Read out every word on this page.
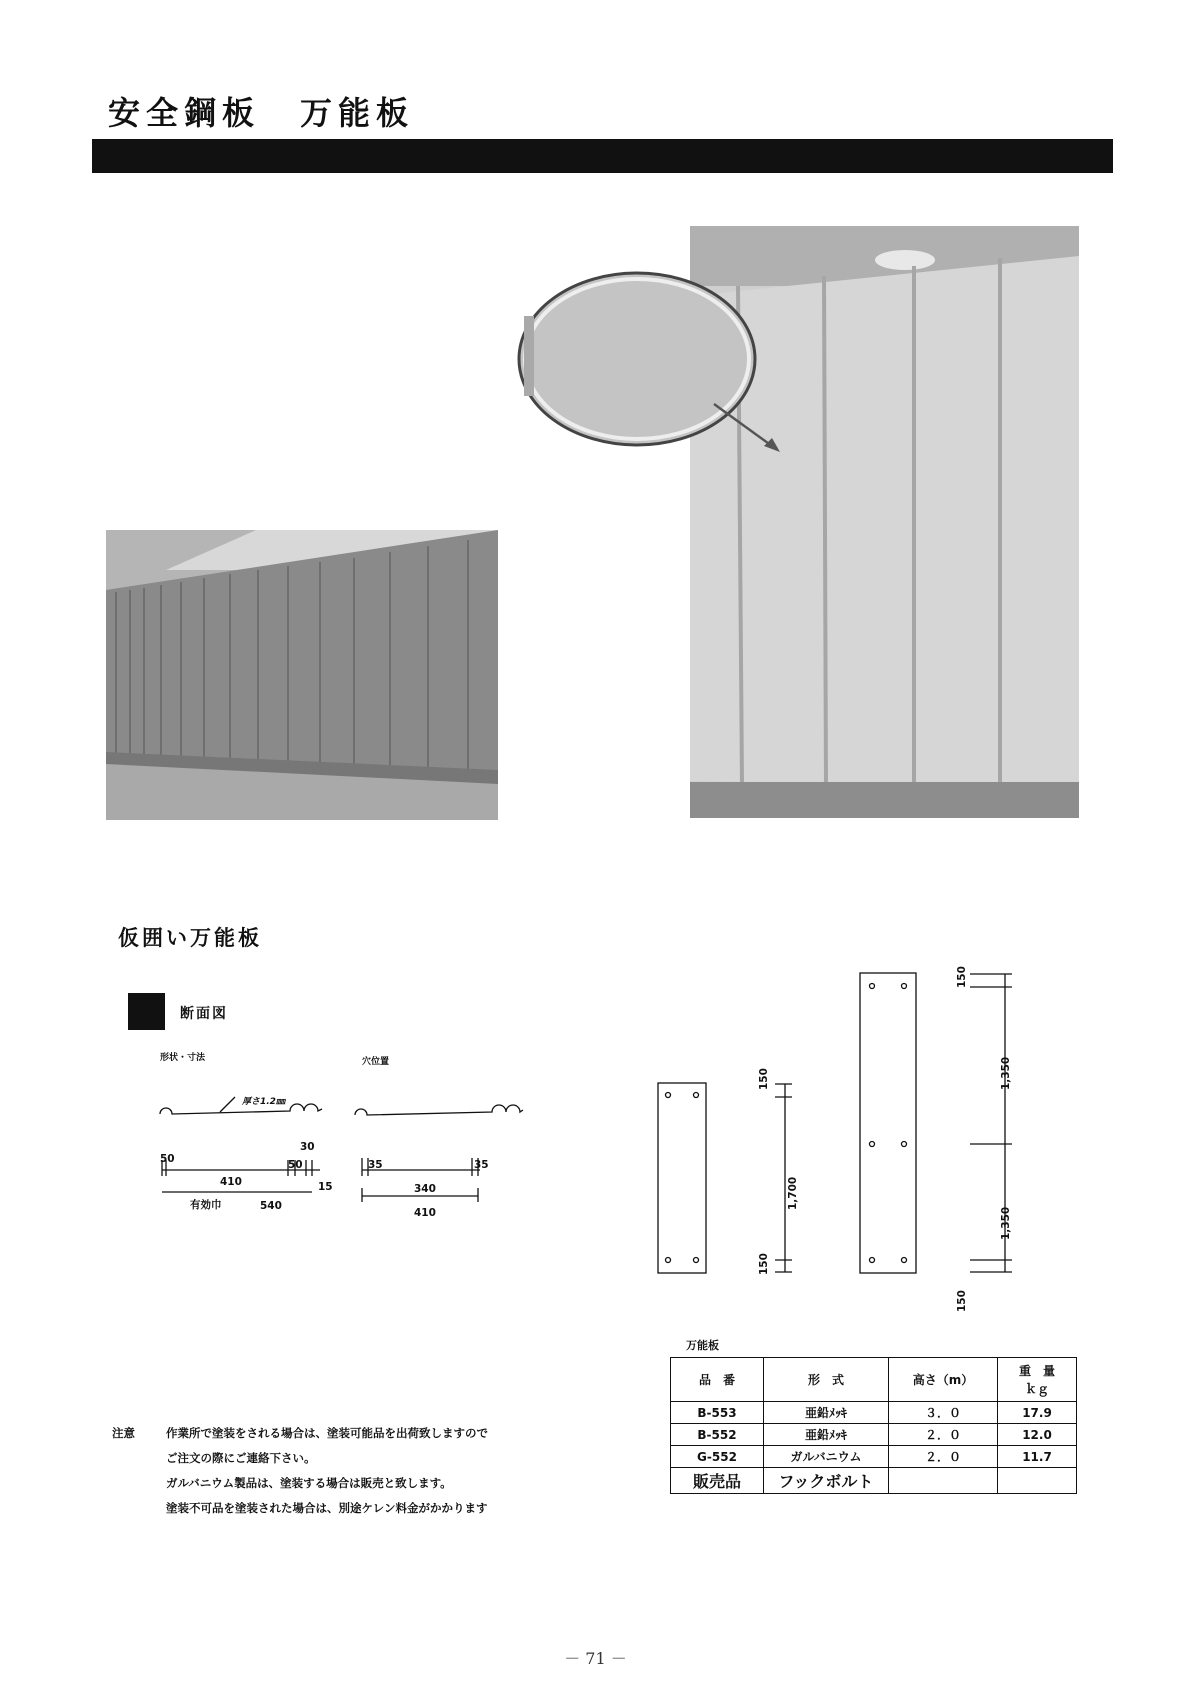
安全鋼板 万能板
仮囲い万能板
断面図
形状・寸法	穴位置
厚さ1.2㎜
50
410
30
50
15
有効巾	540
35
340
35
410
150
1,700
150
150
1,350
1,350
150
万能板
品　番	形　式	高さ（m）	重　量
ｋｇ

B-553	亜鉛ﾒｯｷ	３．０	17.9
B-552	亜鉛ﾒｯｷ	２．０	12.0
G-552	ガルバニウム	２．０	11.7
販売品	フックボルト		
注意	作業所で塗装をされる場合は、塗装可能品を出荷致しますので
ご注文の際にご連絡下さい。
ガルバニウム製品は、塗装する場合は販売と致します。
塗装不可品を塗装された場合は、別途ケレン料金がかかります
－ 71 －
